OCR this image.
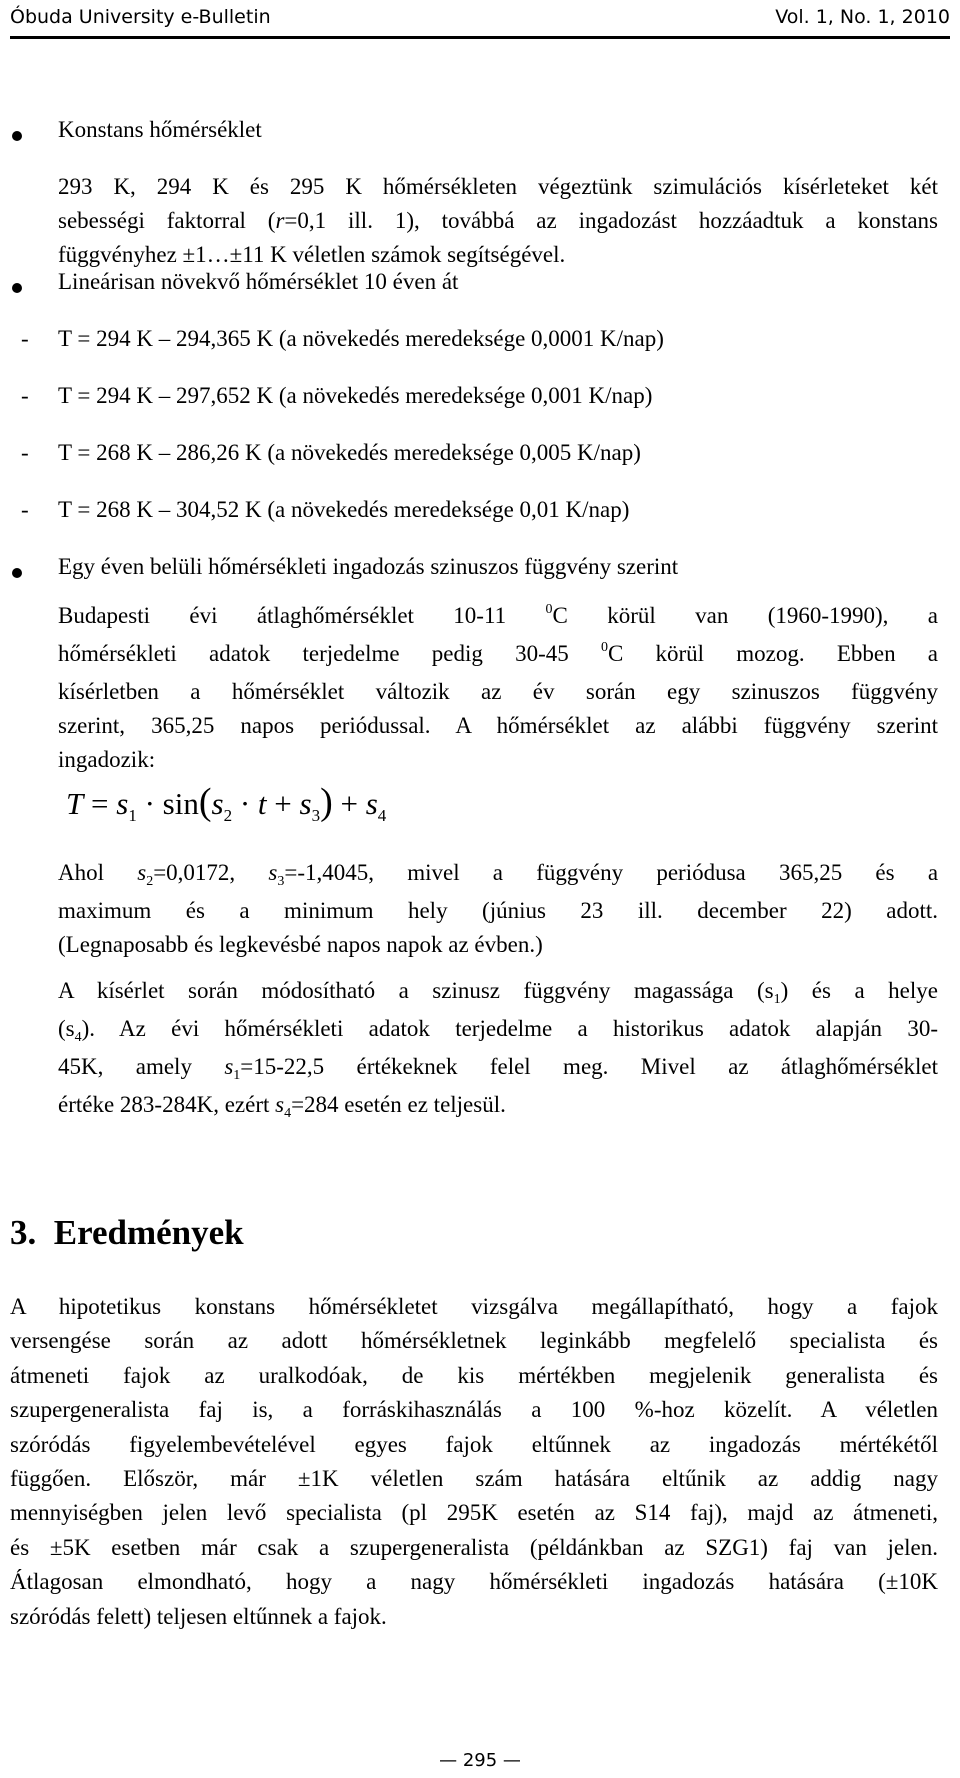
Óbuda University e-Bulletin	Vol. 1, No. 1, 2010
Konstans hőmérséklet
293 K, 294 K és 295 K hőmérsékleten végeztünk szimulációs kísérleteket két
sebességi faktorral (r=0,1 ill. 1), továbbá az ingadozást hozzáadtuk a konstans
függvényhez ±1…±11 K véletlen számok segítségével.
Lineárisan növekvő hőmérséklet 10 éven át
- T = 294 K – 294,365 K (a növekedés meredeksége 0,0001 K/nap)
- T = 294 K – 297,652 K (a növekedés meredeksége 0,001 K/nap)
- T = 268 K – 286,26 K (a növekedés meredeksége 0,005 K/nap)
- T = 268 K – 304,52 K (a növekedés meredeksége 0,01 K/nap)
Egy éven belüli hőmérsékleti ingadozás szinuszos függvény szerint
Budapesti évi átlaghőmérséklet 10-11	$^0$C körül van (1960-1990), a
hőmérsékleti adatok terjedelme pedig 30-45 $^0$C körül mozog. Ebben a
kísérletben a hőmérséklet változik az év során egy szinuszos függvény
szerint, 365,25 napos periódussal. A hőmérséklet az alábbi függvény szerint
ingadozik:
$T = s_1 \cdot \sin(s_2 \cdot t + s_3) + s_4$
Ahol $s_2=0,0172$, $s_3=-1,4045$, mivel a függvény periódusa 365,25 és a
maximum és a minimum hely (június 23 ill. december 22) adott.
(Legnaposabb és legkevésbé napos napok az évben.)
A kísérlet során módosítható a szinusz függvény magassága $(s_1)$ és a helye
$(s_4)$. Az évi hőmérsékleti adatok terjedelme a historikus adatok alapján 30-
45K, amely $s_1=15-22,5$ értékeknek felel meg. Mivel az átlaghőmérséklet
értéke 283-284K, ezért $s_4=284$ esetén ez teljesül.
3. Eredmények
A hipotetikus konstans hőmérsékletet vizsgálva megállapítható, hogy a fajok
versengése során az adott hőmérsékletnek leginkább megfelelő specialista és
átmeneti fajok az uralkodóak, de kis mértékben megjelenik generalista és
szupergeneralista faj is, a forráskihasználás a 100 %-hoz közelít. A véletlen
szóródás figyelembevételével egyes fajok eltűnnek az ingadozás mértékétől
függően. Először, már ±1K véletlen szám hatására eltűnik az addig nagy
mennyiségben jelen levő specialista (pl 295K esetén az S14 faj), majd az átmeneti,
és ±5K esetben már csak a szupergeneralista (példánkban az SZG1) faj van jelen.
Átlagosan elmondható, hogy a nagy hőmérsékleti ingadozás hatására (±10K
szóródás felett) teljesen eltűnnek a fajok.
— 295 —
